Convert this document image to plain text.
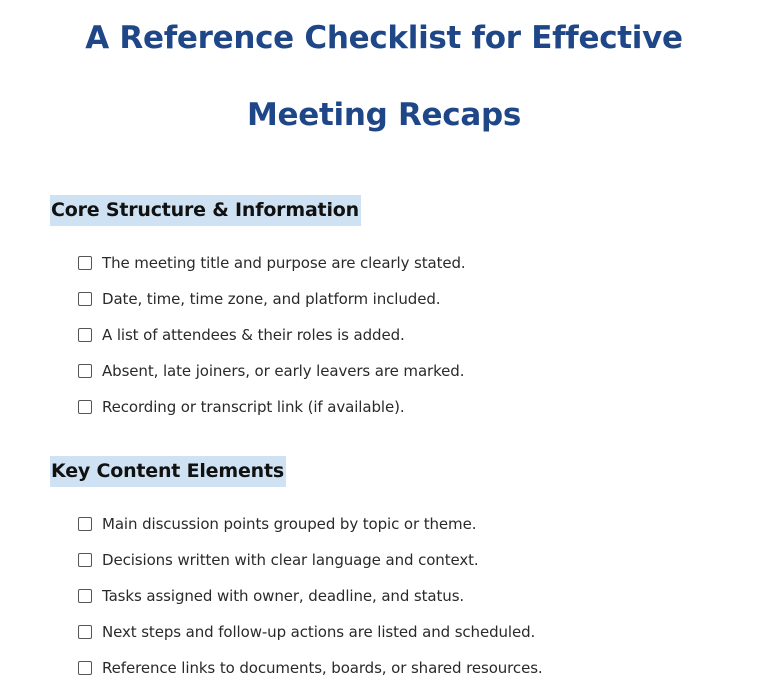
A Reference Checklist for Effective
Meeting Recaps
Core Structure & Information
The meeting title and purpose are clearly stated.
Date, time, time zone, and platform included.
A list of attendees & their roles is added.
Absent, late joiners, or early leavers are marked.
Recording or transcript link (if available).
Key Content Elements
Main discussion points grouped by topic or theme.
Decisions written with clear language and context.
Tasks assigned with owner, deadline, and status.
Next steps and follow-up actions are listed and scheduled.
Reference links to documents, boards, or shared resources.
